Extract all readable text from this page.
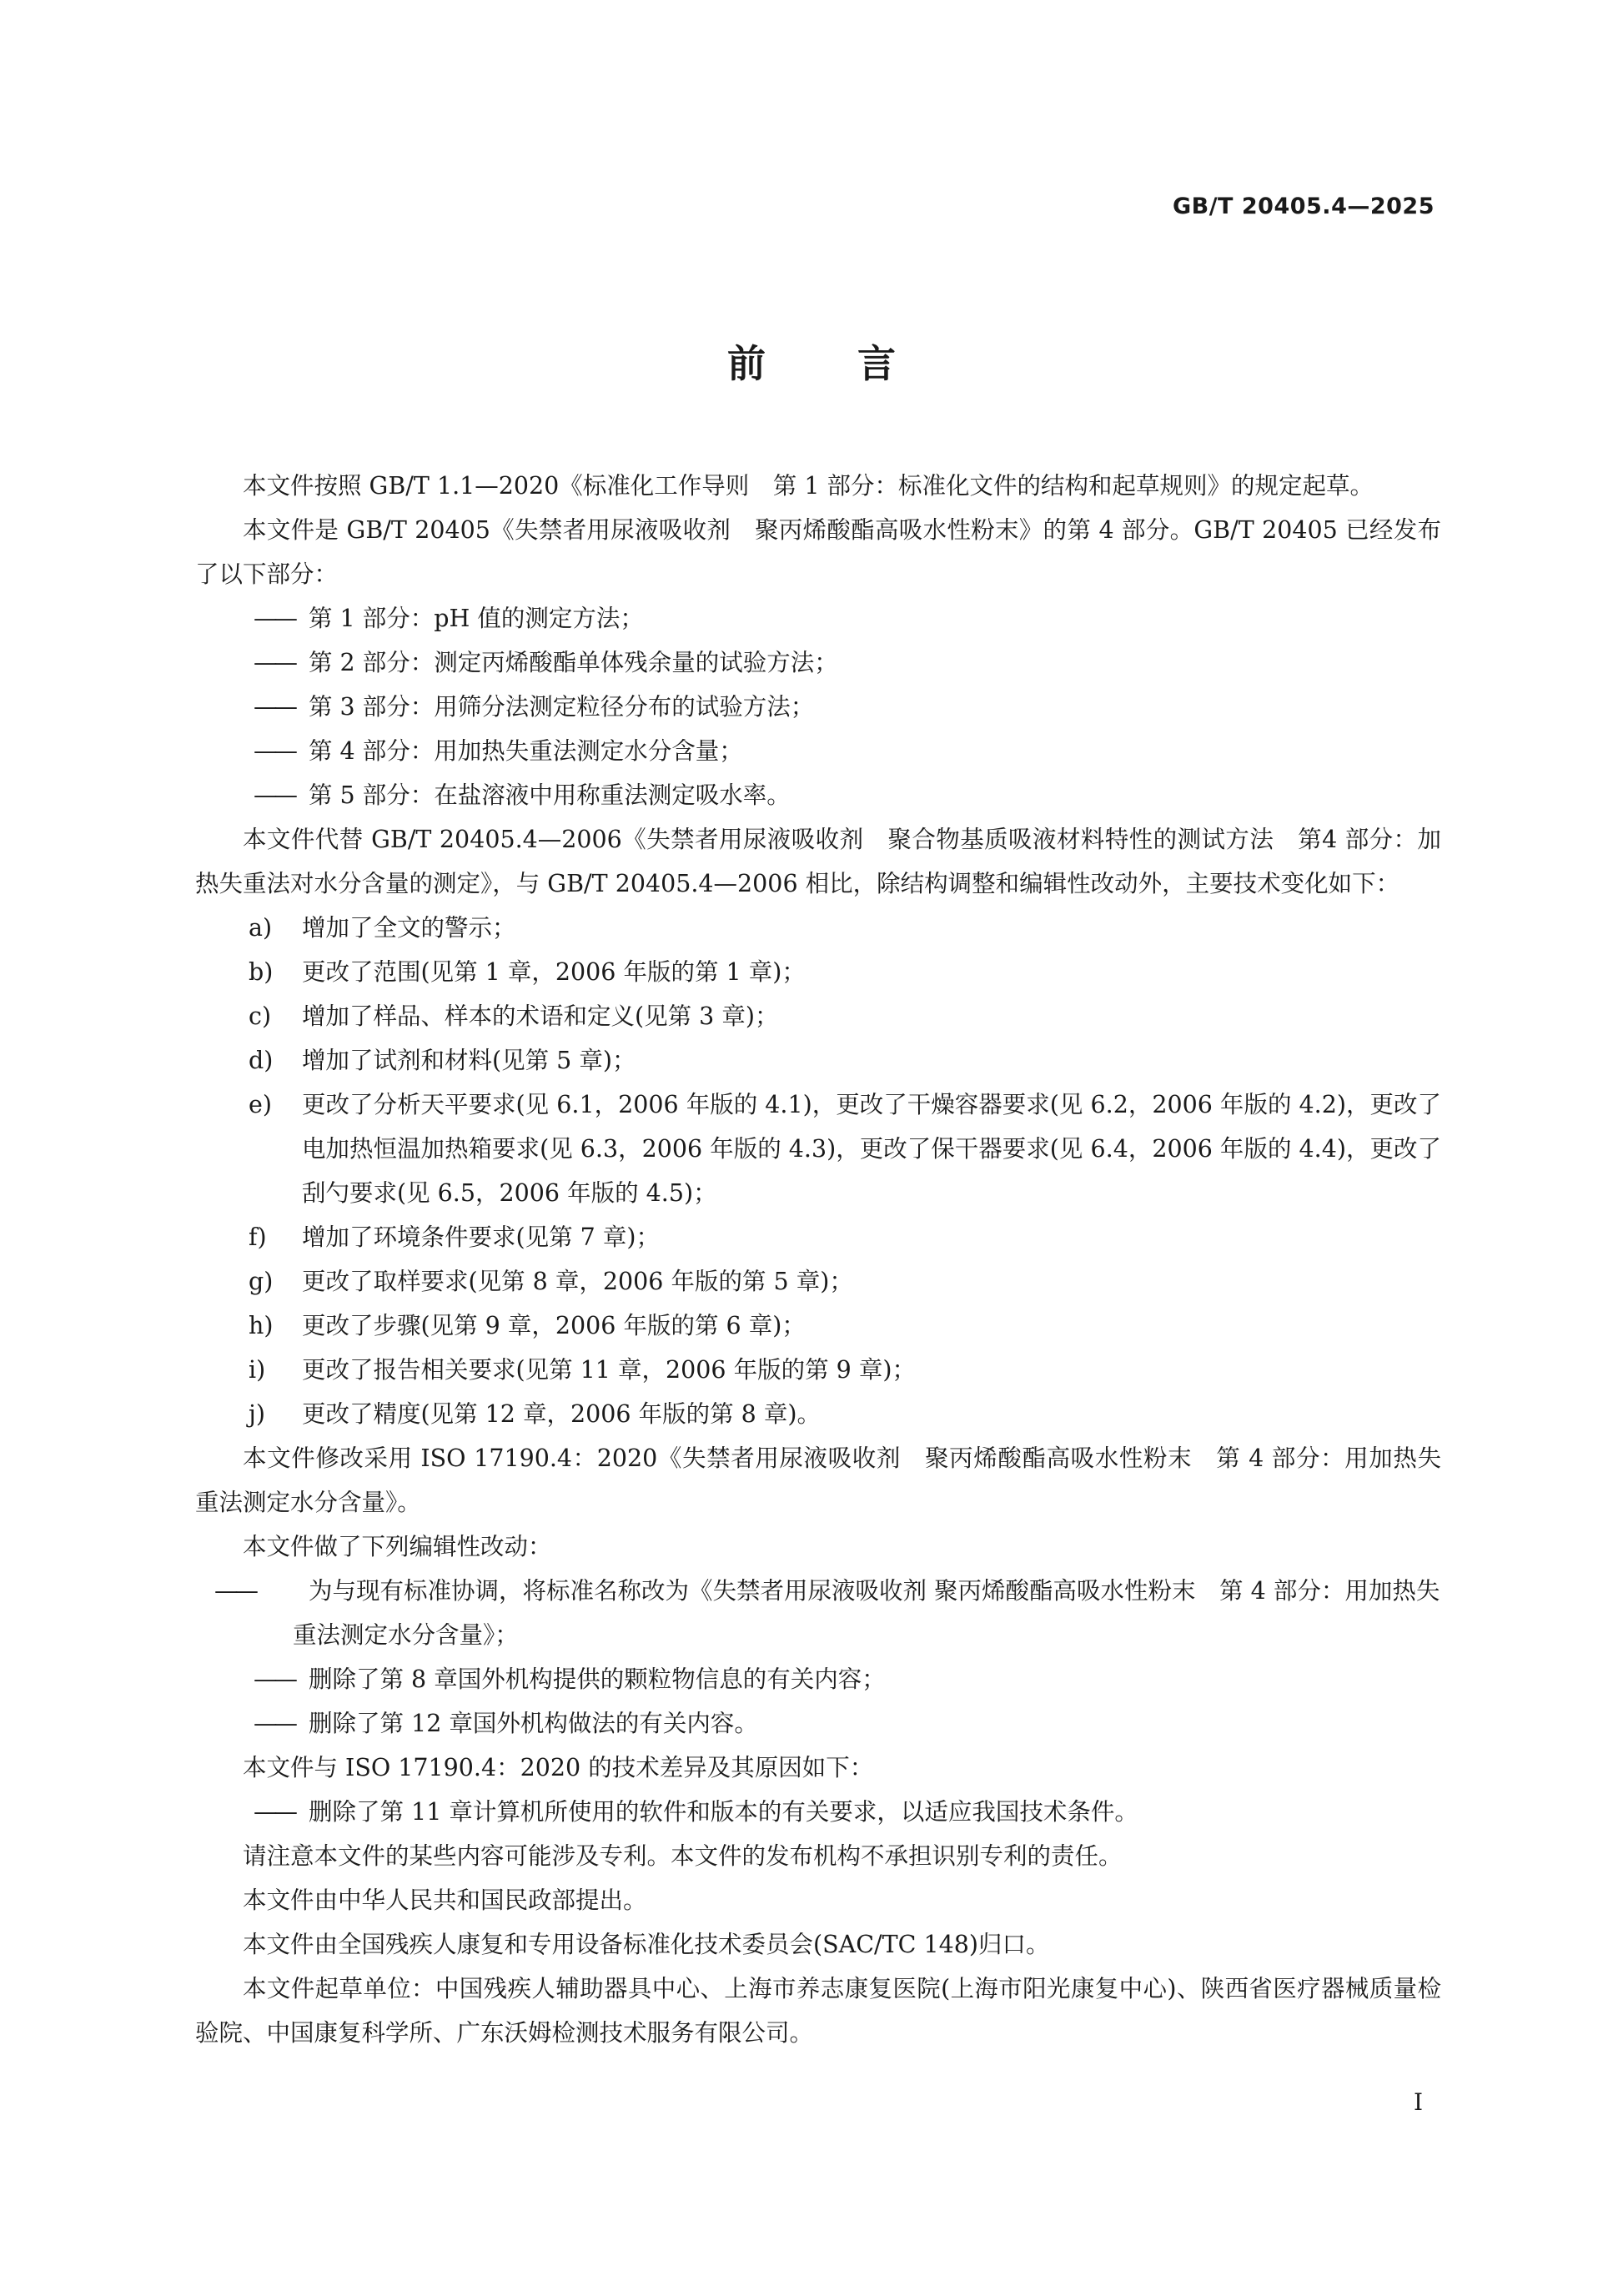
GB/T 20405.4—2025
前言

本文件按照 GB/T 1.1—2020《标准化工作导则　第 1 部分：标准化文件的结构和起草规则》的规定起草。

本文件是 GB/T 20405《失禁者用尿液吸收剂　聚丙烯酸酯高吸水性粉末》的第 4 部分。GB/T 20405 已经发布了以下部分：

—— 第 1 部分：pH 值的测定方法；

—— 第 2 部分：测定丙烯酸酯单体残余量的试验方法；

—— 第 3 部分：用筛分法测定粒径分布的试验方法；

—— 第 4 部分：用加热失重法测定水分含量；

—— 第 5 部分：在盐溶液中用称重法测定吸水率。

本文件代替 GB/T 20405.4—2006《失禁者用尿液吸收剂　聚合物基质吸液材料特性的测试方法　第4 部分：加热失重法对水分含量的测定》，与 GB/T 20405.4—2006 相比，除结构调整和编辑性改动外，主要技术变化如下：

a)	增加了全文的警示；
b)	更改了范围(见第 1 章，2006 年版的第 1 章)；
c)	增加了样品、样本的术语和定义(见第 3 章)；
d)	增加了试剂和材料(见第 5 章)；
e)	更改了分析天平要求(见 6.1，2006 年版的 4.1)，更改了干燥容器要求(见 6.2，2006 年版的 4.2)，更改了电加热恒温加热箱要求(见 6.3，2006 年版的 4.3)，更改了保干器要求(见 6.4，2006 年版的 4.4)，更改了刮勺要求(见 6.5，2006 年版的 4.5)；
f)	增加了环境条件要求(见第 7 章)；
g)	更改了取样要求(见第 8 章，2006 年版的第 5 章)；
h)	更改了步骤(见第 9 章，2006 年版的第 6 章)；
i)	更改了报告相关要求(见第 11 章，2006 年版的第 9 章)；
j)	更改了精度(见第 12 章，2006 年版的第 8 章)。

本文件修改采用 ISO 17190.4：2020《失禁者用尿液吸收剂　聚丙烯酸酯高吸水性粉末　第 4 部分：用加热失重法测定水分含量》。

本文件做了下列编辑性改动：

—— 为与现有标准协调，将标准名称改为《失禁者用尿液吸收剂 聚丙烯酸酯高吸水性粉末　第 4 部分：用加热失重法测定水分含量》；

—— 删除了第 8 章国外机构提供的颗粒物信息的有关内容；

—— 删除了第 12 章国外机构做法的有关内容。

本文件与 ISO 17190.4：2020 的技术差异及其原因如下：

—— 删除了第 11 章计算机所使用的软件和版本的有关要求，以适应我国技术条件。

请注意本文件的某些内容可能涉及专利。本文件的发布机构不承担识别专利的责任。

本文件由中华人民共和国民政部提出。

本文件由全国残疾人康复和专用设备标准化技术委员会(SAC/TC 148)归口。

本文件起草单位：中国残疾人辅助器具中心、上海市养志康复医院(上海市阳光康复中心)、陕西省医疗器械质量检验院、中国康复科学所、广东沃姆检测技术服务有限公司。

I
